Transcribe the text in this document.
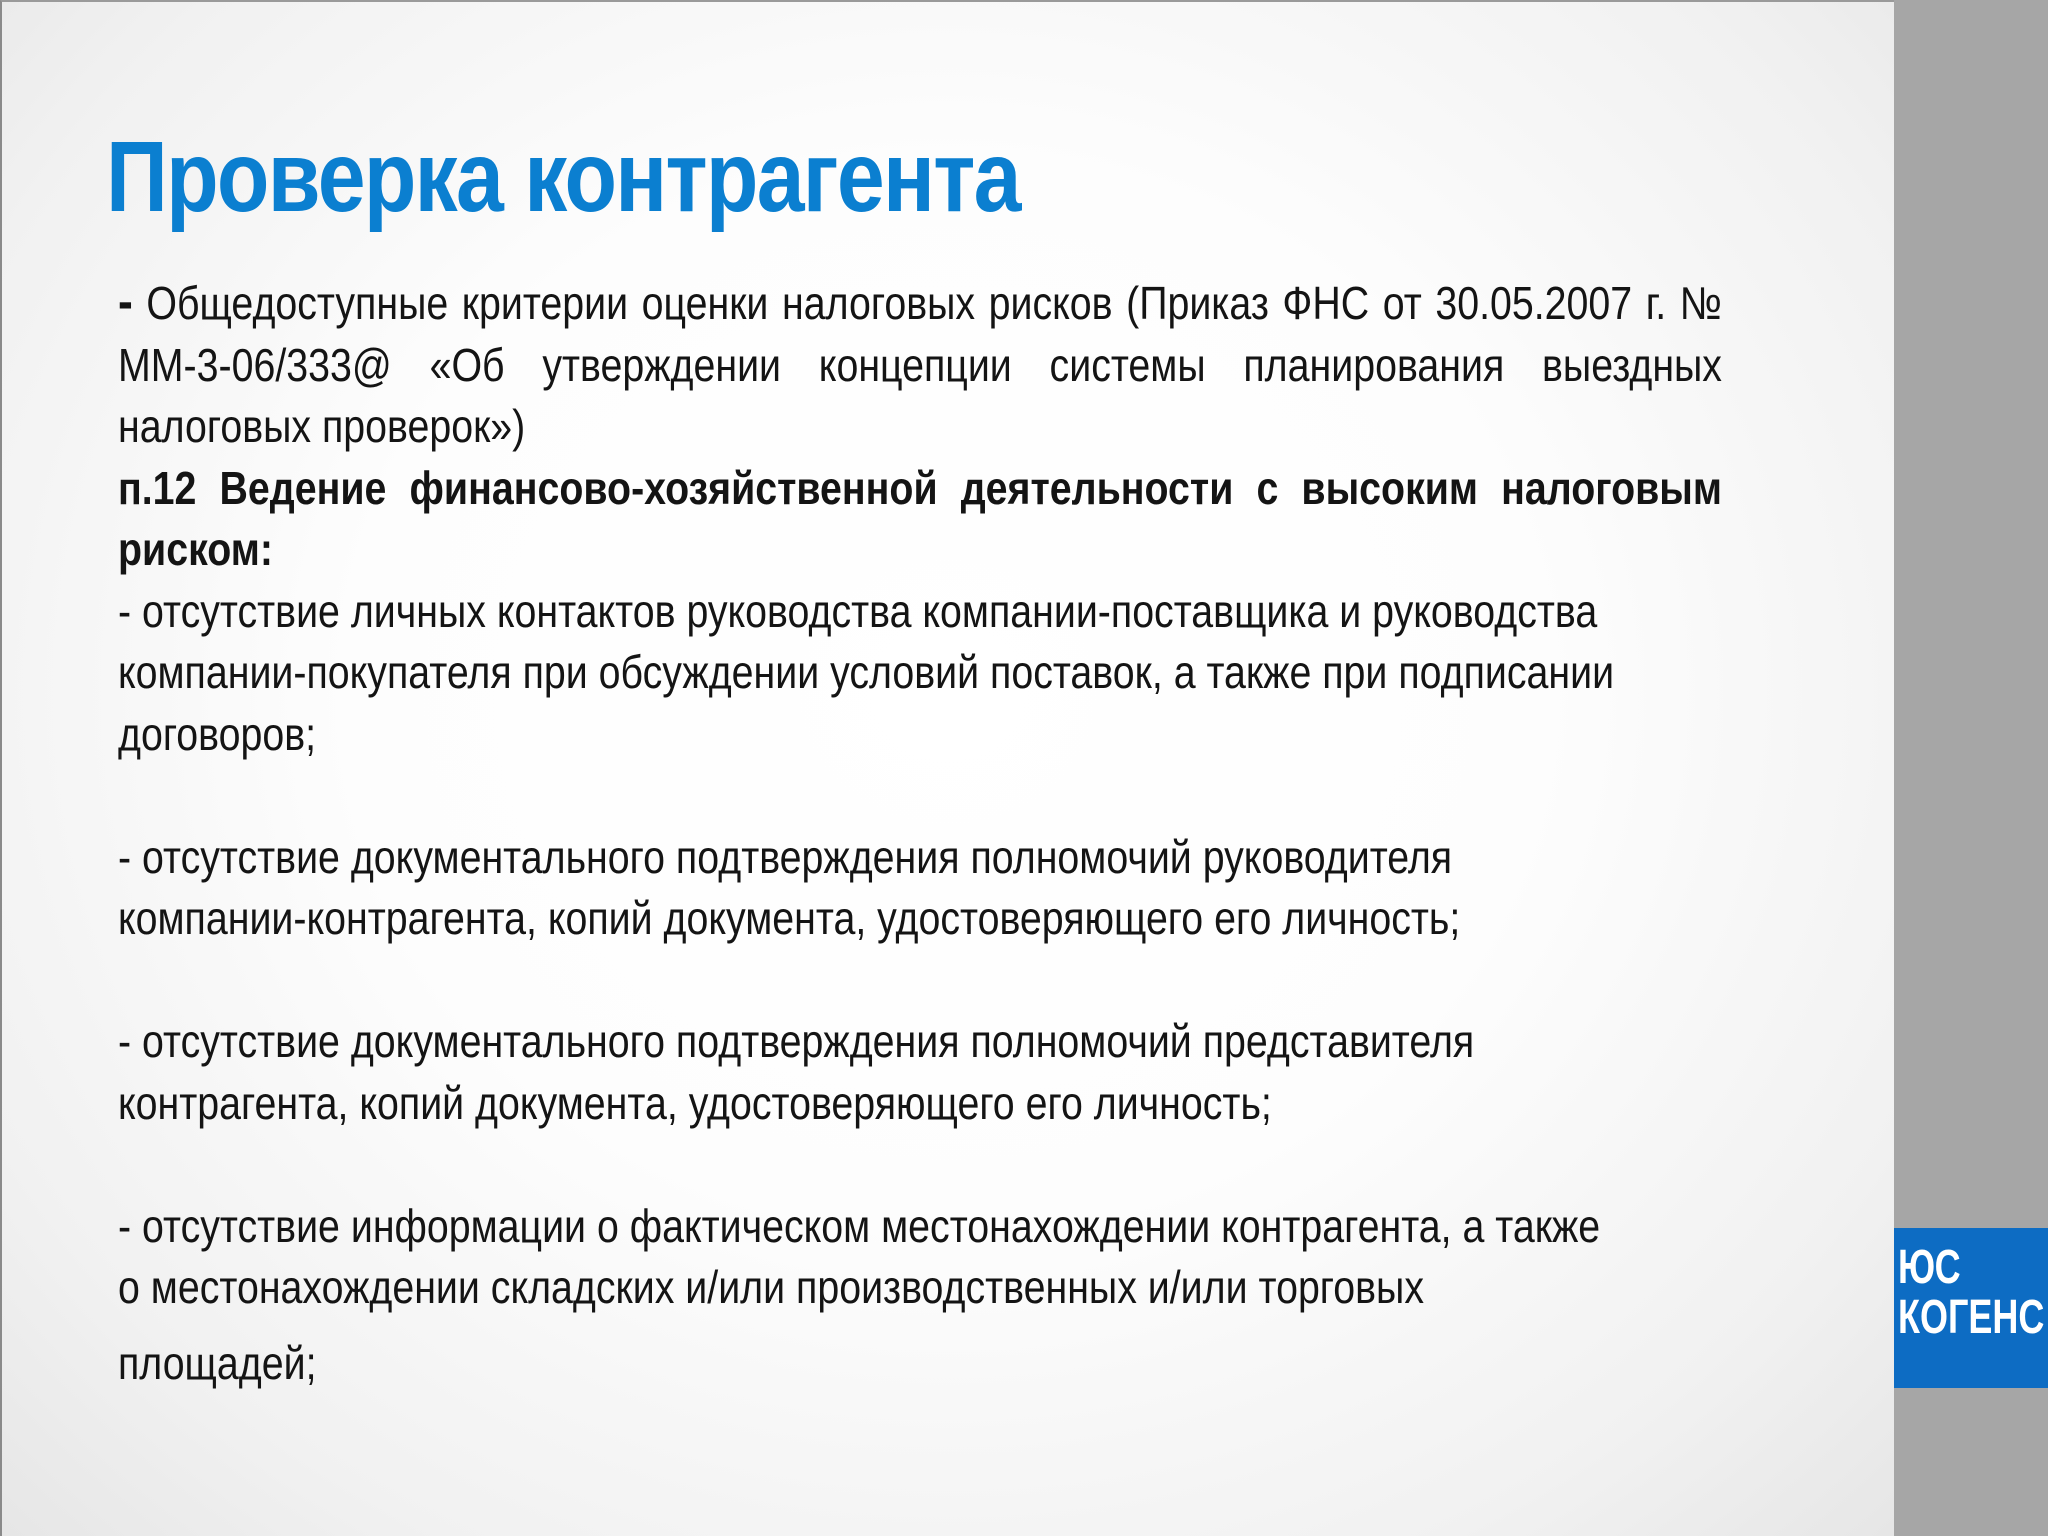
Проверка контрагента

- Общедоступные критерии оценки налоговых рисков (Приказ ФНС от 30.05.2007 г. № ММ-3-06/333@ «Об утверждении концепции системы планирования выездных налоговых проверок»)

п.12 Ведение финансово-хозяйственной деятельности с высоким налоговым риском:

- отсутствие личных контактов руководства компании-поставщика и руководства
компании-покупателя при обсуждении условий поставок, а также при подписании
договоров;

- отсутствие документального подтверждения полномочий руководителя
компании-контрагента, копий документа, удостоверяющего его личность;

- отсутствие документального подтверждения полномочий представителя
контрагента, копий документа, удостоверяющего его личность;

- отсутствие информации о фактическом местонахождении контрагента, а также
о местонахождении складских и/или производственных и/или торговых

площадей;

ЮС
КОГЕНС
